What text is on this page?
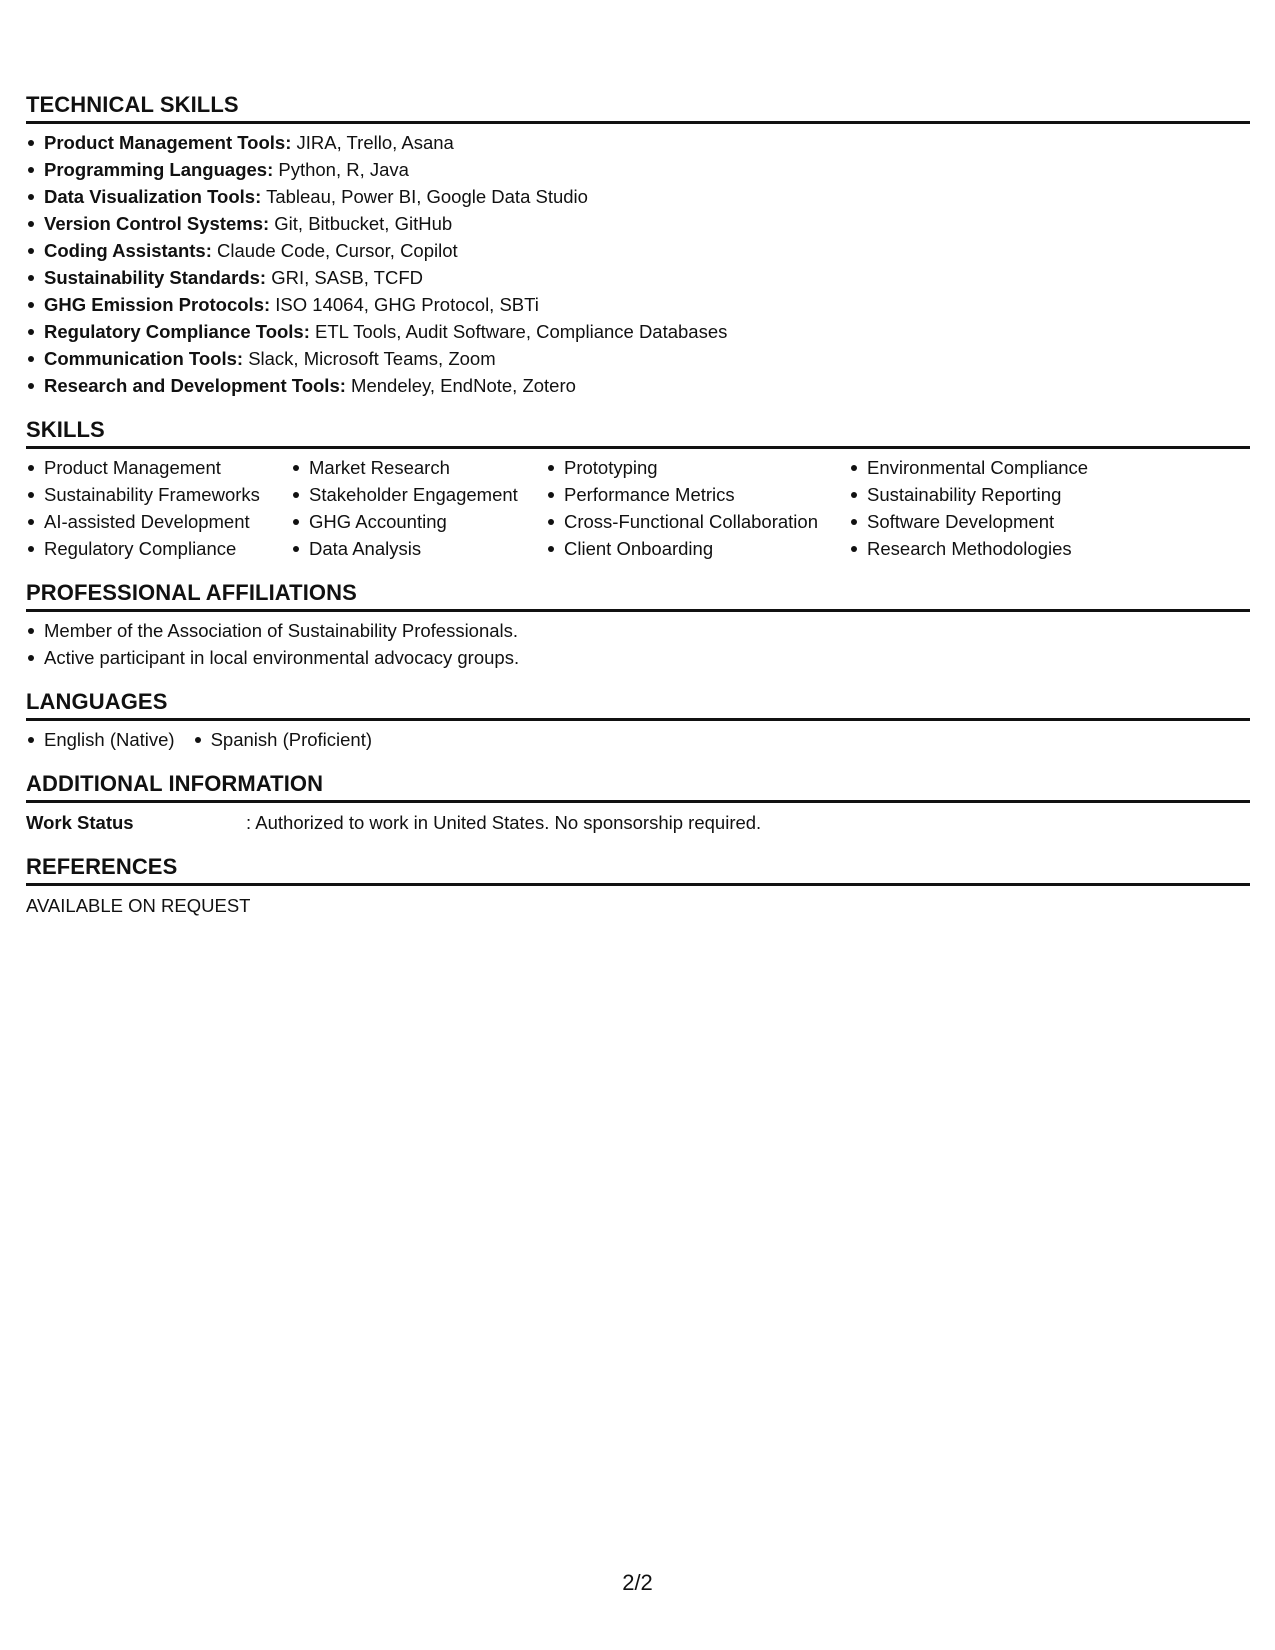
TECHNICAL SKILLS
Product Management Tools: JIRA, Trello, Asana
Programming Languages: Python, R, Java
Data Visualization Tools: Tableau, Power BI, Google Data Studio
Version Control Systems: Git, Bitbucket, GitHub
Coding Assistants: Claude Code, Cursor, Copilot
Sustainability Standards: GRI, SASB, TCFD
GHG Emission Protocols: ISO 14064, GHG Protocol, SBTi
Regulatory Compliance Tools: ETL Tools, Audit Software, Compliance Databases
Communication Tools: Slack, Microsoft Teams, Zoom
Research and Development Tools: Mendeley, EndNote, Zotero
SKILLS
Product Management
Sustainability Frameworks
AI-assisted Development
Regulatory Compliance
Market Research
Stakeholder Engagement
GHG Accounting
Data Analysis
Prototyping
Performance Metrics
Cross-Functional Collaboration
Client Onboarding
Environmental Compliance
Sustainability Reporting
Software Development
Research Methodologies
PROFESSIONAL AFFILIATIONS
Member of the Association of Sustainability Professionals.
Active participant in local environmental advocacy groups.
LANGUAGES
English (Native)	Spanish (Proficient)
ADDITIONAL INFORMATION
Work Status	: Authorized to work in United States. No sponsorship required.
REFERENCES
AVAILABLE ON REQUEST
2/2
